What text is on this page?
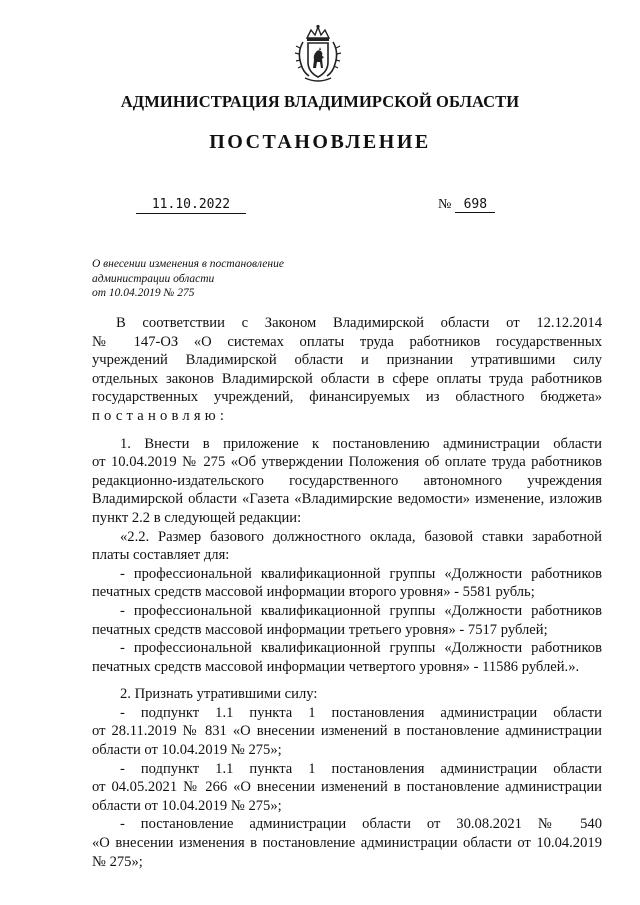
АДМИНИСТРАЦИЯ ВЛАДИМИРСКОЙ ОБЛАСТИ
ПОСТАНОВЛЕНИЕ
11.10.2022	№ 698
О внесении изменения в постановление
администрации области
от 10.04.2019 № 275

В соответствии с Законом Владимирской области от 12.12.2014

№ 147-ОЗ «О системах оплаты труда работников государственных

учреждений Владимирской области и признании утратившими силу

отдельных законов Владимирской области в сфере оплаты труда работников

государственных учреждений, финансируемых из областного бюджета»

постановляю:

1. Внести в приложение к постановлению администрации области

от 10.04.2019 № 275 «Об утверждении Положения об оплате труда работников

редакционно-издательского государственного автономного учреждения

Владимирской области «Газета «Владимирские ведомости» изменение, изложив

пункт 2.2 в следующей редакции:

«2.2. Размер базового должностного оклада, базовой ставки заработной

платы составляет для:

- профессиональной квалификационной группы «Должности работников

печатных средств массовой информации второго уровня» - 5581 рубль;

- профессиональной квалификационной группы «Должности работников

печатных средств массовой информации третьего уровня» - 7517 рублей;

- профессиональной квалификационной группы «Должности работников

печатных средств массовой информации четвертого уровня» - 11586 рублей.».

2. Признать утратившими силу:

- подпункт 1.1 пункта 1 постановления администрации области

от 28.11.2019 № 831 «О внесении изменений в постановление администрации

области от 10.04.2019 № 275»;

- подпункт 1.1 пункта 1 постановления администрации области

от 04.05.2021 № 266 «О внесении изменений в постановление администрации

области от 10.04.2019 № 275»;

- постановление администрации области от 30.08.2021 № 540

«О внесении изменения в постановление администрации области от 10.04.2019

№ 275»;
